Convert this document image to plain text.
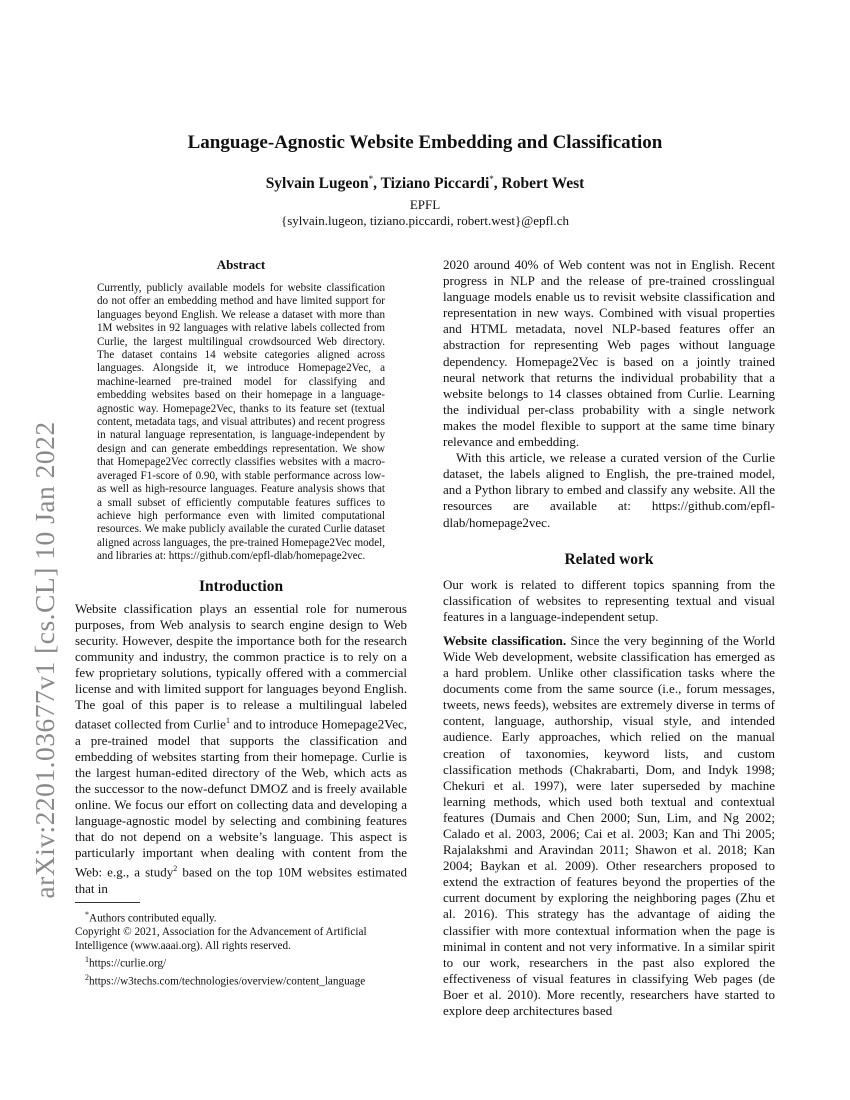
arXiv:2201.03677v1 [cs.CL] 10 Jan 2022
Language-Agnostic Website Embedding and Classification
Sylvain Lugeon*, Tiziano Piccardi*, Robert West
EPFL
{sylvain.lugeon, tiziano.piccardi, robert.west}@epfl.ch
Abstract
Currently, publicly available models for website classification do not offer an embedding method and have limited support for languages beyond English. We release a dataset with more than 1M websites in 92 languages with relative labels collected from Curlie, the largest multilingual crowdsourced Web directory. The dataset contains 14 website categories aligned across languages. Alongside it, we introduce Homepage2Vec, a machine-learned pre-trained model for classifying and embedding websites based on their homepage in a language-agnostic way. Homepage2Vec, thanks to its feature set (textual content, metadata tags, and visual attributes) and recent progress in natural language representation, is language-independent by design and can generate embeddings representation. We show that Homepage2Vec correctly classifies websites with a macro-averaged F1-score of 0.90, with stable performance across low- as well as high-resource languages. Feature analysis shows that a small subset of efficiently computable features suffices to achieve high performance even with limited computational resources. We make publicly available the curated Curlie dataset aligned across languages, the pre-trained Homepage2Vec model, and libraries at: https://github.com/epfl-dlab/homepage2vec.
Introduction

Website classification plays an essential role for numerous purposes, from Web analysis to search engine design to Web security. However, despite the importance both for the research community and industry, the common practice is to rely on a few proprietary solutions, typically offered with a commercial license and with limited support for languages beyond English. The goal of this paper is to release a multilingual labeled dataset collected from Curlie$^1$ and to introduce Homepage2Vec, a pre-trained model that supports the classification and embedding of websites starting from their homepage. Curlie is the largest human-edited directory of the Web, which acts as the successor to the now-defunct DMOZ and is freely available online. We focus our effort on collecting data and developing a language-agnostic model by selecting and combining features that do not depend on a website’s language. This aspect is particularly important when dealing with content from the Web: e.g., a study$^2$ based on the top 10M websites estimated that in

*Authors contributed equally.

Copyright © 2021, Association for the Advancement of Artificial Intelligence (www.aaai.org). All rights reserved.

$^1$https://curlie.org/

$^2$https://w3techs.com/technologies/overview/content_language

2020 around 40% of Web content was not in English. Recent progress in NLP and the release of pre-trained crosslingual language models enable us to revisit website classification and representation in new ways. Combined with visual properties and HTML metadata, novel NLP-based features offer an abstraction for representing Web pages without language dependency. Homepage2Vec is based on a jointly trained neural network that returns the individual probability that a website belongs to 14 classes obtained from Curlie. Learning the individual per-class probability with a single network makes the model flexible to support at the same time binary relevance and embedding.

With this article, we release a curated version of the Curlie dataset, the labels aligned to English, the pre-trained model, and a Python library to embed and classify any website. All the resources are available at: https://github.com/epfl-dlab/homepage2vec.

Related work

Our work is related to different topics spanning from the classification of websites to representing textual and visual features in a language-independent setup.

Website classification. Since the very beginning of the World Wide Web development, website classification has emerged as a hard problem. Unlike other classification tasks where the documents come from the same source (i.e., forum messages, tweets, news feeds), websites are extremely diverse in terms of content, language, authorship, visual style, and intended audience. Early approaches, which relied on the manual creation of taxonomies, keyword lists, and custom classification methods (Chakrabarti, Dom, and Indyk 1998; Chekuri et al. 1997), were later superseded by machine learning methods, which used both textual and contextual features (Dumais and Chen 2000; Sun, Lim, and Ng 2002; Calado et al. 2003, 2006; Cai et al. 2003; Kan and Thi 2005; Rajalakshmi and Aravindan 2011; Shawon et al. 2018; Kan 2004; Baykan et al. 2009). Other researchers proposed to extend the extraction of features beyond the properties of the current document by exploring the neighboring pages (Zhu et al. 2016). This strategy has the advantage of aiding the classifier with more contextual information when the page is minimal in content and not very informative. In a similar spirit to our work, researchers in the past also explored the effectiveness of visual features in classifying Web pages (de Boer et al. 2010). More recently, researchers have started to explore deep architectures based
